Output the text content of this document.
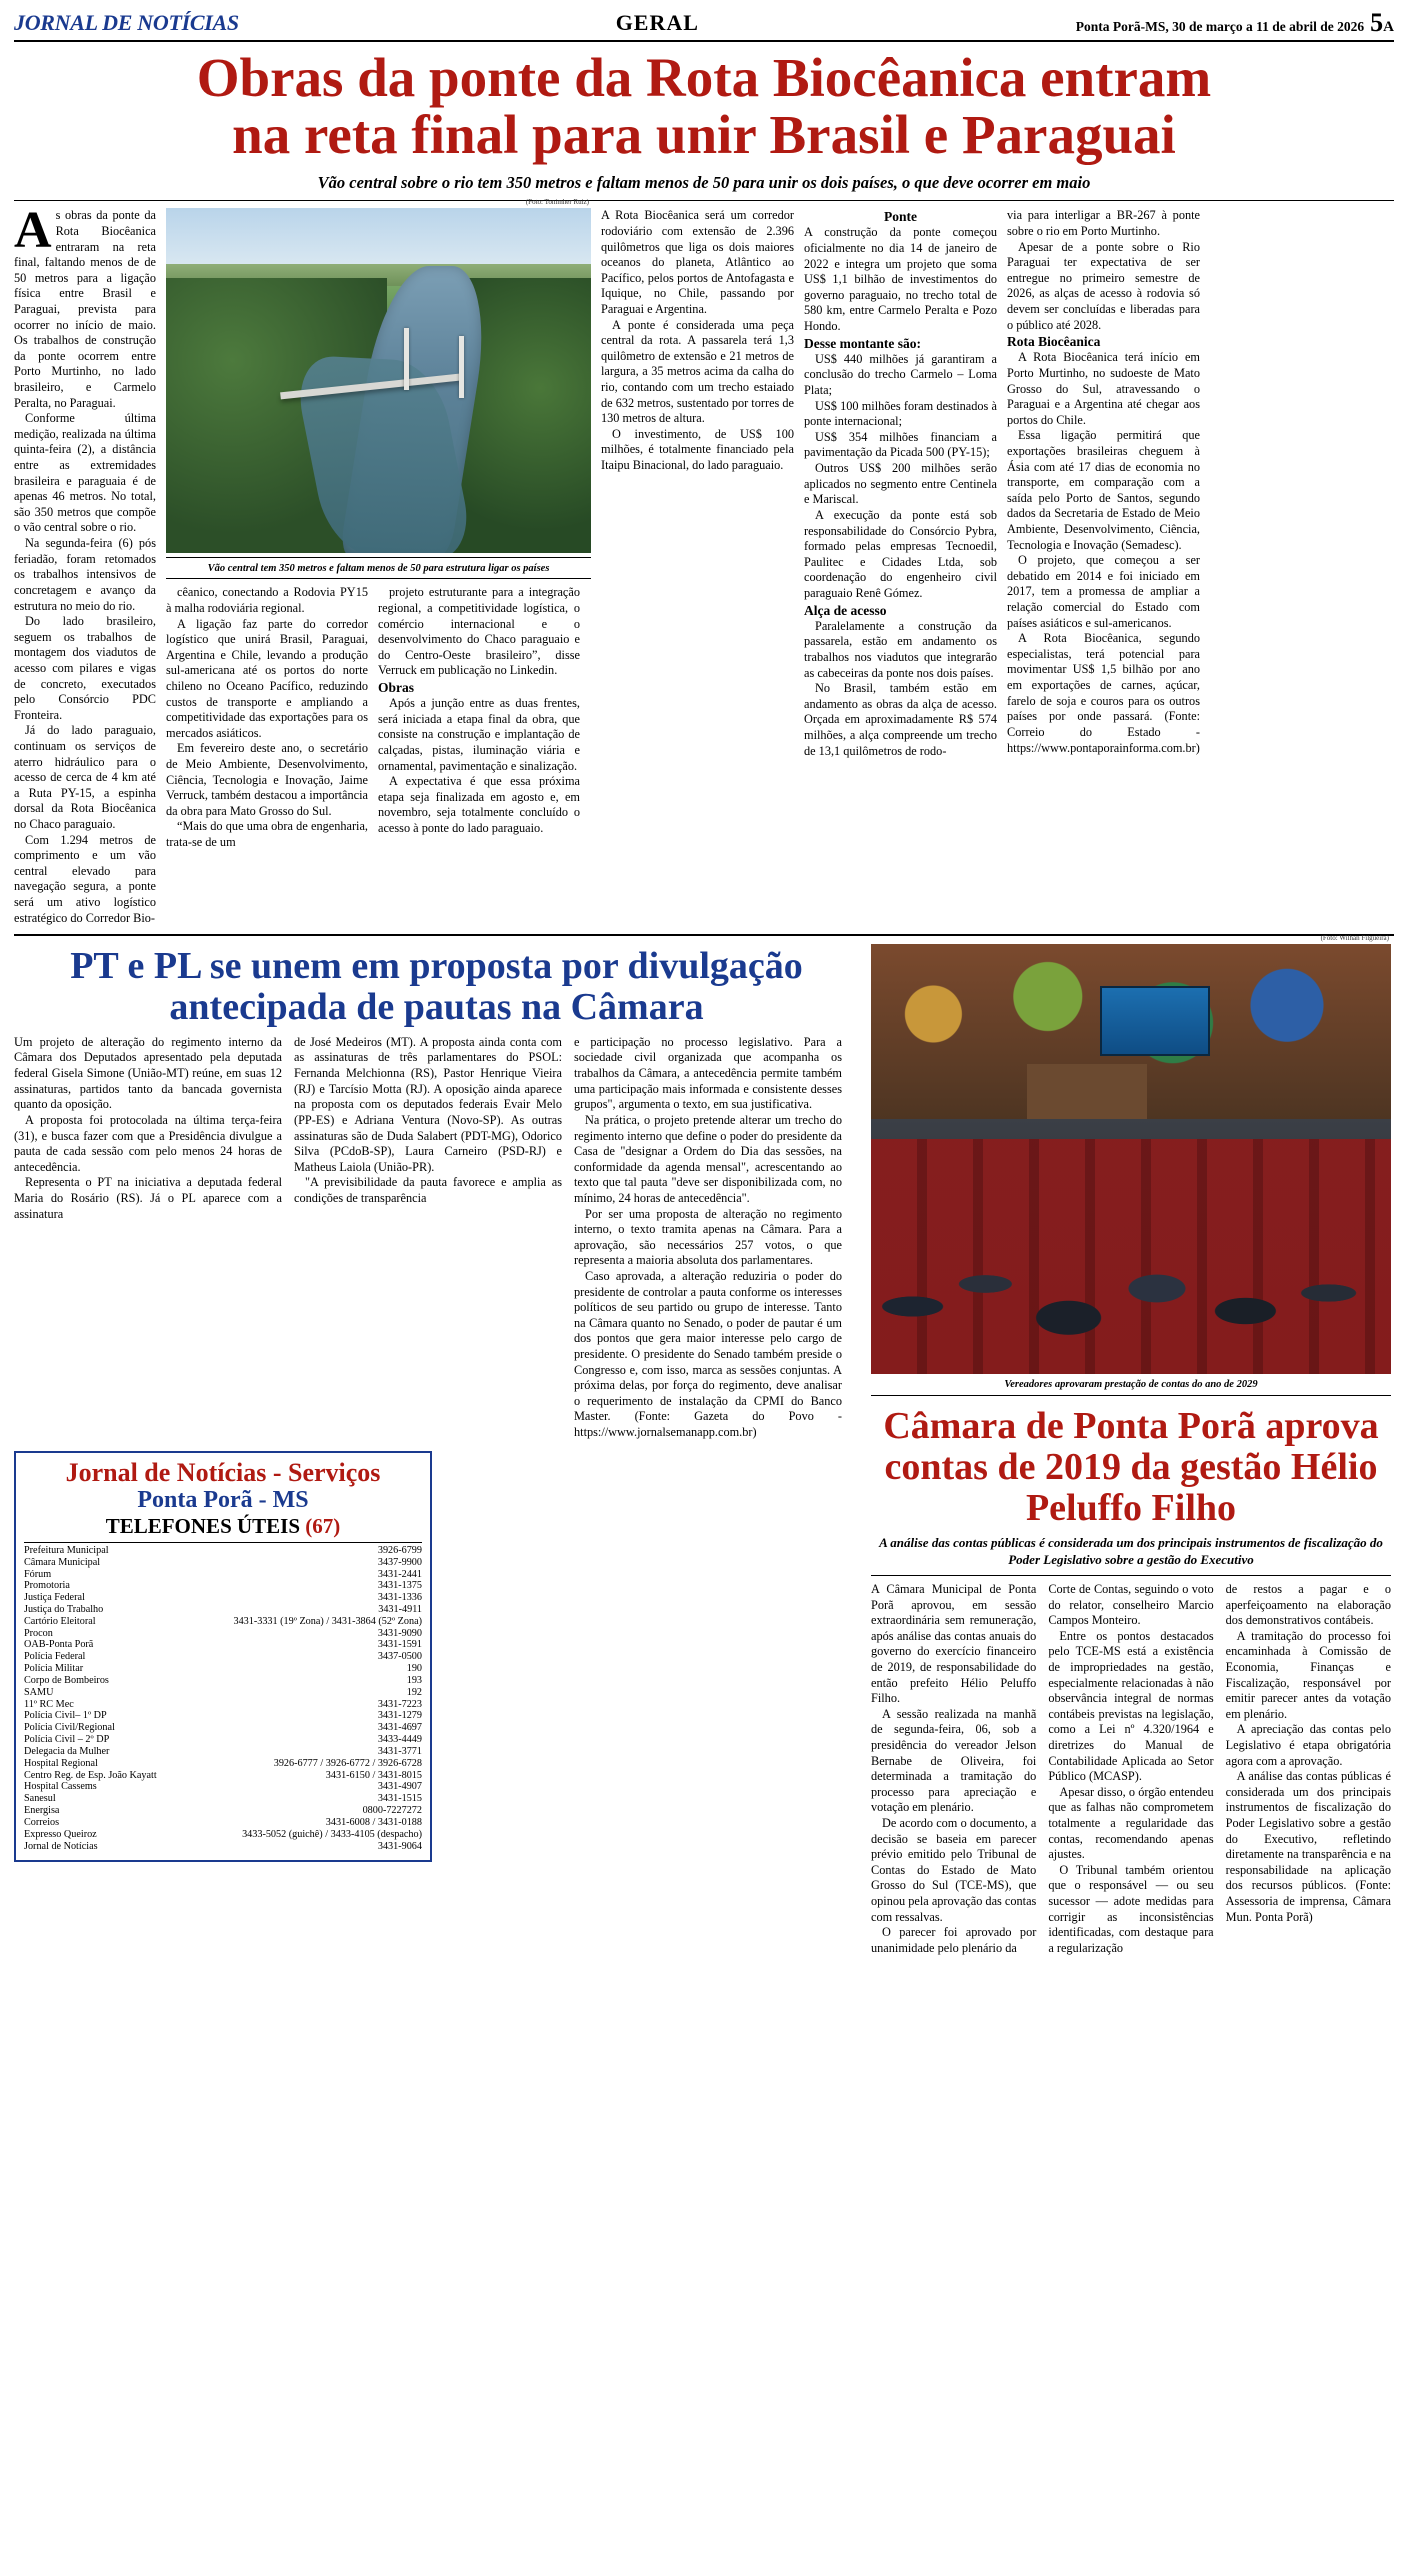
JORNAL DE NOTÍCIAS	GERAL	Ponta Porã-MS, 30 de março a 11 de abril de 2026 5A
Obras da ponte da Rota Biocêanica entram
na reta final para unir Brasil e Paraguai
Vão central sobre o rio tem 350 metros e faltam menos de 50 para unir os dois países, o que deve ocorrer em maio

As obras da ponte da Rota Biocêanica entraram na reta final, faltando menos de de 50 metros para a ligação física entre Brasil e Paraguai, prevista para ocorrer no início de maio. Os trabalhos de construção da ponte ocorrem entre Porto Murtinho, no lado brasileiro, e Carmelo Peralta, no Paraguai.

Conforme última medição, realizada na última quinta-feira (2), a distância entre as extremidades brasileira e paraguaia é de apenas 46 metros. No total, são 350 metros que compõe o vão central sobre o rio.

Na segunda-feira (6) pós feriadão, foram retomados os trabalhos intensivos de concretagem e avanço da estrutura no meio do rio.

Do lado brasileiro, seguem os trabalhos de montagem dos viadutos de acesso com pilares e vigas de concreto, executados pelo Consórcio PDC Fronteira.

Já do lado paraguaio, continuam os serviços de aterro hidráulico para o acesso de cerca de 4 km até a Ruta PY-15, a espinha dorsal da Rota Biocêanica no Chaco paraguaio.

Com 1.294 metros de comprimento e um vão central elevado para navegação segura, a ponte será um ativo logístico estratégico do Corredor Bio-

(Foto: Tonimher Ruiz)
Vão central tem 350 metros e faltam menos de 50 para estrutura ligar os países

cêanico, conectando a Rodovia PY15 à malha rodoviária regional.

A ligação faz parte do corredor logístico que unirá Brasil, Paraguai, Argentina e Chile, levando a produção sul-americana até os portos do norte chileno no Oceano Pacífico, reduzindo custos de transporte e ampliando a competitividade das exportações para os mercados asiáticos.

Em fevereiro deste ano, o secretário de Meio Ambiente, Desenvolvimento, Ciência, Tecnologia e Inovação, Jaime Verruck, também destacou a importância da obra para Mato Grosso do Sul.

“Mais do que uma obra de engenharia, trata-se de um

projeto estruturante para a integração regional, a competitividade logística, o comércio internacional e o desenvolvimento do Chaco paraguaio e do Centro-Oeste brasileiro”, disse Verruck em publicação no Linkedin.

Obras

Após a junção entre as duas frentes, será iniciada a etapa final da obra, que consiste na construção e implantação de calçadas, pistas, iluminação viária e ornamental, pavimentação e sinalização.

A expectativa é que essa próxima etapa seja finalizada em agosto e, em novembro, seja totalmente concluído o acesso à ponte do lado paraguaio.

A Rota Biocêanica será um corredor rodoviário com extensão de 2.396 quilômetros que liga os dois maiores oceanos do planeta, Atlântico ao Pacífico, pelos portos de Antofagasta e Iquique, no Chile, passando por Paraguai e Argentina.

A ponte é considerada uma peça central da rota. A passarela terá 1,3 quilômetro de extensão e 21 metros de largura, a 35 metros acima da calha do rio, contando com um trecho estaiado de 632 metros, sustentado por torres de 130 metros de altura.

O investimento, de US$ 100 milhões, é totalmente financiado pela Itaipu Binacional, do lado paraguaio.

Ponte

A construção da ponte começou oficialmente no dia 14 de janeiro de 2022 e integra um projeto que soma US$ 1,1 bilhão de investimentos do governo paraguaio, no trecho total de 580 km, entre Carmelo Peralta e Pozo Hondo.

Desse montante são:

US$ 440 milhões já garantiram a conclusão do trecho Carmelo – Loma Plata;

US$ 100 milhões foram destinados à ponte internacional;

US$ 354 milhões financiam a pavimentação da Picada 500 (PY-15);

Outros US$ 200 milhões serão aplicados no segmento entre Centinela e Mariscal.

A execução da ponte está sob responsabilidade do Consórcio Pybra, formado pelas empresas Tecnoedil, Paulitec e Cidades Ltda, sob coordenação do engenheiro civil paraguaio Renê Gómez.

Alça de acesso

Paralelamente a construção da passarela, estão em andamento os trabalhos nos viadutos que integrarão as cabeceiras da ponte nos dois países.

No Brasil, também estão em andamento as obras da alça de acesso. Orçada em aproximadamente R$ 574 milhões, a alça compreende um trecho de 13,1 quilômetros de rodo-

via para interligar a BR-267 à ponte sobre o rio em Porto Murtinho.

Apesar de a ponte sobre o Rio Paraguai ter expectativa de ser entregue no primeiro semestre de 2026, as alças de acesso à rodovia só devem ser concluídas e liberadas para o público até 2028.

Rota Biocêanica

A Rota Biocêanica terá início em Porto Murtinho, no sudoeste de Mato Grosso do Sul, atravessando o Paraguai e a Argentina até chegar aos portos do Chile.

Essa ligação permitirá que exportações brasileiras cheguem à Ásia com até 17 dias de economia no transporte, em comparação com a saída pelo Porto de Santos, segundo dados da Secretaria de Estado de Meio Ambiente, Desenvolvimento, Ciência, Tecnologia e Inovação (Semadesc).

O projeto, que começou a ser debatido em 2014 e foi iniciado em 2017, tem a promessa de ampliar a relação comercial do Estado com países asiáticos e sul-americanos.

A Rota Biocêanica, segundo especialistas, terá potencial para movimentar US$ 1,5 bilhão por ano em exportações de carnes, açúcar, farelo de soja e couros para os outros países por onde passará. (Fonte: Correio do Estado - https://www.pontaporainforma.com.br)

PT e PL se unem em proposta por divulgação antecipada de pautas na Câmara

Um projeto de alteração do regimento interno da Câmara dos Deputados apresentado pela deputada federal Gisela Simone (União-MT) reúne, em suas 12 assinaturas, partidos tanto da bancada governista quanto da oposição.

A proposta foi protocolada na última terça-feira (31), e busca fazer com que a Presidência divulgue a pauta de cada sessão com pelo menos 24 horas de antecedência.

Representa o PT na iniciativa a deputada federal Maria do Rosário (RS). Já o PL aparece com a assinatura

de José Medeiros (MT). A proposta ainda conta com as assinaturas de três parlamentares do PSOL: Fernanda Melchionna (RS), Pastor Henrique Vieira (RJ) e Tarcísio Motta (RJ). A oposição ainda aparece na proposta com os deputados federais Evair Melo (PP-ES) e Adriana Ventura (Novo-SP). As outras assinaturas são de Duda Salabert (PDT-MG), Odorico Silva (PCdoB-SP), Laura Carneiro (PSD-RJ) e Matheus Laiola (União-PR).

"A previsibilidade da pauta favorece e amplia as condições de transparência

e participação no processo legislativo. Para a sociedade civil organizada que acompanha os trabalhos da Câmara, a antecedência permite também uma participação mais informada e consistente desses grupos", argumenta o texto, em sua justificativa.

Na prática, o projeto pretende alterar um trecho do regimento interno que define o poder do presidente da Casa de "designar a Ordem do Dia das sessões, na conformidade da agenda mensal", acrescentando ao texto que tal pauta "deve ser disponibilizada com, no mínimo, 24 horas de antecedência".

Por ser uma proposta de alteração no regimento interno, o texto tramita apenas na Câmara. Para a aprovação, são necessários 257 votos, o que representa a maioria absoluta dos parlamentares.

Caso aprovada, a alteração reduziria o poder do presidente de controlar a pauta conforme os interesses políticos de seu partido ou grupo de interesse. Tanto na Câmara quanto no Senado, o poder de pautar é um dos pontos que gera maior interesse pelo cargo de presidente. O presidente do Senado também preside o Congresso e, com isso, marca as sessões conjuntas. A próxima delas, por força do regimento, deve analisar o requerimento de instalação da CPMI do Banco Master. (Fonte: Gazeta do Povo - https://www.jornalsemanapp.com.br)

Jornal de Notícias - Serviços
Ponta Porã - MS
TELEFONES ÚTEIS (67)
Prefeitura Municipal	3926-6799
Câmara Municipal	3437-9900
Fórum	3431-2441
Promotoria	3431-1375
Justiça Federal	3431-1336
Justiça do Trabalho	3431-4911
Cartório Eleitoral	3431-3331 (19º Zona) / 3431-3864 (52º Zona)
Procon	3431-9090
OAB-Ponta Porã	3431-1591
Polícia Federal	3437-0500
Polícia Militar	190
Corpo de Bombeiros	193
SAMU	192
11º RC Mec	3431-7223
Polícia Civil– 1º DP	3431-1279
Polícia Civil/Regional	3431-4697
Polícia Civil – 2º DP	3433-4449
Delegacia da Mulher	3431-3771
Hospital Regional	3926-6777 / 3926-6772 / 3926-6728
Centro Reg. de Esp. João Kayatt	3431-6150 / 3431-8015
Hospital Cassems	3431-4907
Sanesul	3431-1515
Energisa	0800-7227272
Correios	3431-6008 / 3431-0188
Expresso Queiroz	3433-5052 (guichê) / 3433-4105 (despacho)
Jornal de Notícias	3431-9064
(Foto: Wilhan Filgueira)
Vereadores aprovaram prestação de contas do ano de 2029
Câmara de Ponta Porã aprova contas de 2019 da gestão Hélio Peluffo Filho
A análise das contas públicas é considerada um dos principais instrumentos de fiscalização do Poder Legislativo sobre a gestão do Executivo

A Câmara Municipal de Ponta Porã aprovou, em sessão extraordinária sem remuneração, após análise das contas anuais do governo do exercício financeiro de 2019, de responsabilidade do então prefeito Hélio Peluffo Filho.

A sessão realizada na manhã de segunda-feira, 06, sob a presidência do vereador Jelson Bernabe de Oliveira, foi determinada a tramitação do processo para apreciação e votação em plenário.

De acordo com o documento, a decisão se baseia em parecer prévio emitido pelo Tribunal de Contas do Estado de Mato Grosso do Sul (TCE-MS), que opinou pela aprovação das contas com ressalvas.

O parecer foi aprovado por unanimidade pelo plenário da

Corte de Contas, seguindo o voto do relator, conselheiro Marcio Campos Monteiro.

Entre os pontos destacados pelo TCE-MS está a existência de impropriedades na gestão, especialmente relacionadas à não observância integral de normas contábeis previstas na legislação, como a Lei nº 4.320/1964 e diretrizes do Manual de Contabilidade Aplicada ao Setor Público (MCASP).

Apesar disso, o órgão entendeu que as falhas não comprometem totalmente a regularidade das contas, recomendando apenas ajustes.

O Tribunal também orientou que o responsável — ou seu sucessor — adote medidas para corrigir as inconsistências identificadas, com destaque para a regularização

de restos a pagar e o aperfeiçoamento na elaboração dos demonstrativos contábeis.

A tramitação do processo foi encaminhada à Comissão de Economia, Finanças e Fiscalização, responsável por emitir parecer antes da votação em plenário.

A apreciação das contas pelo Legislativo é etapa obrigatória agora com a aprovação.

A análise das contas públicas é considerada um dos principais instrumentos de fiscalização do Poder Legislativo sobre a gestão do Executivo, refletindo diretamente na transparência e na responsabilidade na aplicação dos recursos públicos. (Fonte: Assessoria de imprensa, Câmara Mun. Ponta Porã)
